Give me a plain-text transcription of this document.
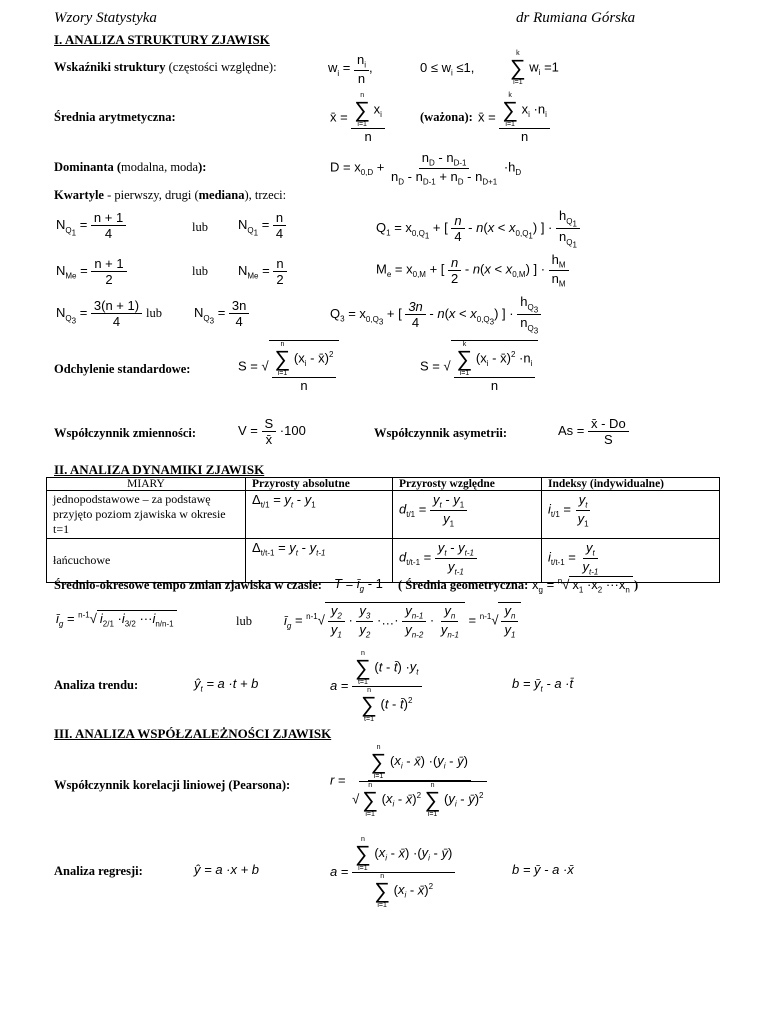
Wzory Statystyka	dr Rumiana Górska
I. ANALIZA STRUKTURY ZJAWISK
Wskaźniki struktury (częstości względne):	$w_i = \frac{n_i}{n}$ ,	$0 \le w_i \le 1$,
k
∑
i=1
$w_i =1$
Średnia arytmetyczna:	x̄ = n
∑
i=1
$x_i$
n	(ważona): x̄ = k
∑
i=1
$x_i \cdot n_i$
n
Dominanta (modalna, moda):	$D = x_{0,D} + \frac{n_D - n_{D-1}}{n_D - n_{D-1} + n_D - n_{D+1}} \cdot h_D$
Kwartyle - pierwszy, drugi (mediana), trzeci:
$N_{Q_1} = \frac{n + 1}{4}$	lub $N_{Q_1} = \frac{n}{4}$	$Q_1 = x_{0,Q_1}$ + [ $\frac{n}{4} - n(x < x_{0,Q_1})$ ] · $\frac{h_{Q_1}}{n_{Q_1}}$
$N_{Me} = \frac{n + 1}{2}$	lub $N_{Me} = \frac{n}{2}$	$M_e = x_{0,M}$ + [ $\frac{n}{2} - n(x < x_{0,M})$ ] · $\frac{h_M}{n_M}$
$N_{Q_3} = \frac{3(n + 1)}{4}$ lub $N_{Q_3} = \frac{3n}{4}$	$Q_3 = x_{0,Q_3}$ + [ $\frac{3n}{4} - n(x < x_{0,Q_3})$ ] · $\frac{h_{Q_3}}{n_{Q_3}}$
Odchylenie standardowe:	S = √ n
∑
i=1
($x_i$ - x̄)$^2$
n	S = √ k
∑
i=1
($x_i$ - x̄)$^2$ $\cdot n_i$
n
Współczynnik zmienności:	$V = \frac{S}{x̄} \cdot 100$	Współczynnik asymetrii:	$As = \frac{x̄ - Do}{S}$
II. ANALIZA DYNAMIKI ZJAWISK
MIARY	Przyrosty absolutne	Przyrosty względne	Indeksy (indywidualne)
jednopodstawowe – za podstawę przyjęto poziom zjawiska w okresie t=1	$\Delta_{t/1} = y_t - y_1$	$d_{t/1} = \frac{y_t - y_1}{y_1}$	$i_{t/1} = \frac{y_t}{y_1}$

łańcuchowe	$\Delta_{t/t-1} = y_t - y_{t-1}$	$d_{t/t-1} = \frac{y_t - y_{t-1}}{y_{t-1}}$	$i_{t/t-1} = \frac{y_t}{y_{t-1}}$
Średnio-okresowe tempo zmian zjawiska w czasie: $T = ī_g - 1$ ( Średnia geometryczna: $x_g = ^n√$ $x_1 \cdot x_2 \cdot\cdot\cdot x_n$ )
$ī_g = ^{n-1}√$ $i_{2/1} \cdot i_{3/2} \cdot\cdot\cdot i_{n/n-1}$	lub $ī_g = ^{n-1}√ \frac{y_2}{y_1} \cdot \frac{y_3}{y_2}$ ·…· $\frac{y_{n-1}}{y_{n-2}} \cdot \frac{y_n}{y_{n-1}} = ^{n-1}√ \frac{y_n}{y_1}$
Analiza trendu:	$ŷ_t = a \cdot t + b$	a = n
∑
t=1
(t - t̄) $\cdot y_t$
n
∑
t=1
(t - t̄)$^2$	$b = ȳ_t - a$ ·t̄
III. ANALIZA WSPÓŁZALEŻNOŚCI ZJAWISK
Współczynnik korelacji liniowej (Pearsona):	r = n
∑
i=1
($x_i$ - x̄) $\cdot(y_i$ - ȳ)
√
n
∑
i=1
($x_i$ - x̄)$^2$
n
∑
i=1
($y_i$ - ȳ)$^2$
Analiza regresji:	ŷ = a ·x + b	a = n
∑
i=1
($x_i$ - x̄) $\cdot(y_i$ - ȳ)
n
∑
i=1
($x_i$ - x̄)$^2$	b = ȳ - a ·x̄
